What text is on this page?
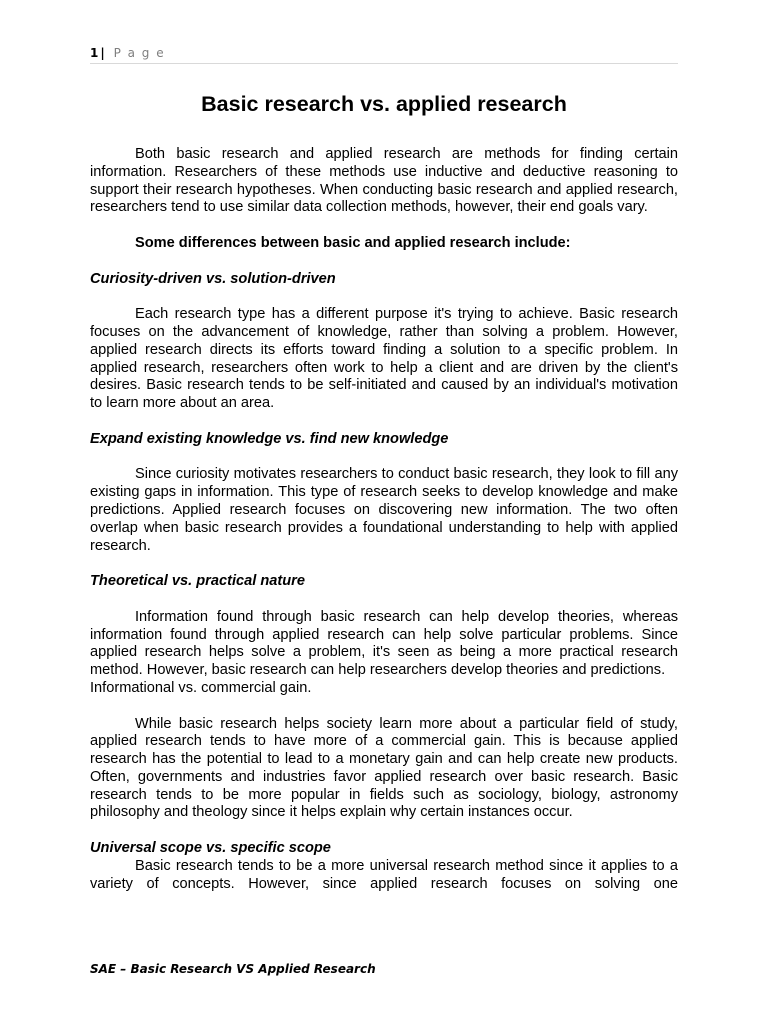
1 | P a g e
Basic research vs. applied research

Both basic research and applied research are methods for finding certain information. Researchers of these methods use inductive and deductive reasoning to support their research hypotheses. When conducting basic research and applied research, researchers tend to use similar data collection methods, however, their end goals vary.

Some differences between basic and applied research include:

Curiosity-driven vs. solution-driven

Each research type has a different purpose it's trying to achieve. Basic research focuses on the advancement of knowledge, rather than solving a problem. However, applied research directs its efforts toward finding a solution to a specific problem. In applied research, researchers often work to help a client and are driven by the client's desires. Basic research tends to be self-initiated and caused by an individual's motivation to learn more about an area.

Expand existing knowledge vs. find new knowledge

Since curiosity motivates researchers to conduct basic research, they look to fill any existing gaps in information. This type of research seeks to develop knowledge and make predictions. Applied research focuses on discovering new information. The two often overlap when basic research provides a foundational understanding to help with applied research.

Theoretical vs. practical nature

Information found through basic research can help develop theories, whereas information found through applied research can help solve particular problems. Since applied research helps solve a problem, it's seen as being a more practical research method. However, basic research can help researchers develop theories and predictions.

Informational vs. commercial gain.

While basic research helps society learn more about a particular field of study, applied research tends to have more of a commercial gain. This is because applied research has the potential to lead to a monetary gain and can help create new products. Often, governments and industries favor applied research over basic research. Basic research tends to be more popular in fields such as sociology, biology, astronomy philosophy and theology since it helps explain why certain instances occur.

Universal scope vs. specific scope

Basic research tends to be a more universal research method since it applies to a variety of concepts. However, since applied research focuses on solving one

SAE – Basic Research VS Applied Research
